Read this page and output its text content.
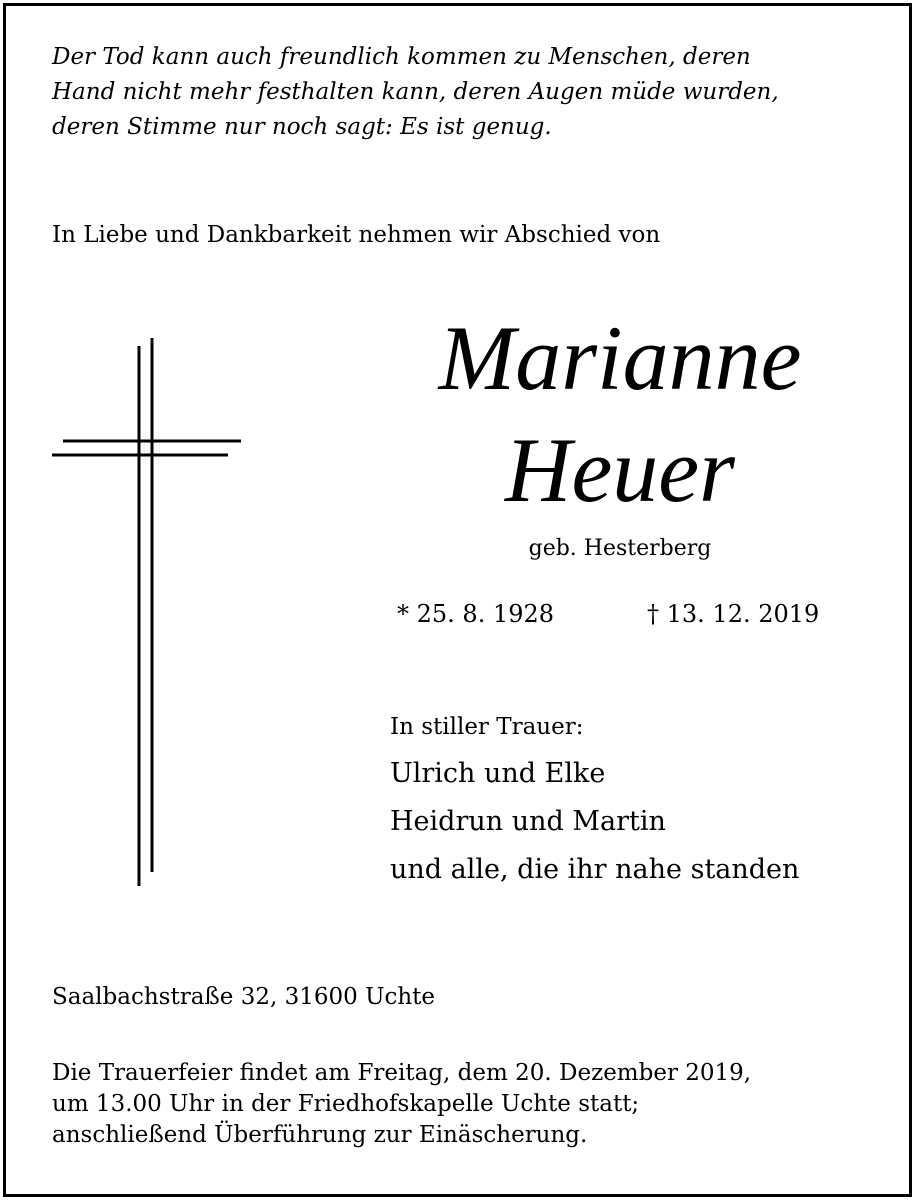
Der Tod kann auch freundlich kommen zu Menschen, deren
Hand nicht mehr festhalten kann, deren Augen müde wurden,
deren Stimme nur noch sagt: Es ist genug.

In Liebe und Dankbarkeit nehmen wir Abschied von

Marianne

Heuer

geb. Hesterberg

* 25. 8. 1928	† 13. 12. 2019

In stiller Trauer:

Ulrich und Elke
Heidrun und Martin
und alle, die ihr nahe standen

Saalbachstraße 32, 31600 Uchte

Die Trauerfeier findet am Freitag, dem 20. Dezember 2019,
um 13.00 Uhr in der Friedhofskapelle Uchte statt;
anschließend Überführung zur Einäscherung.
